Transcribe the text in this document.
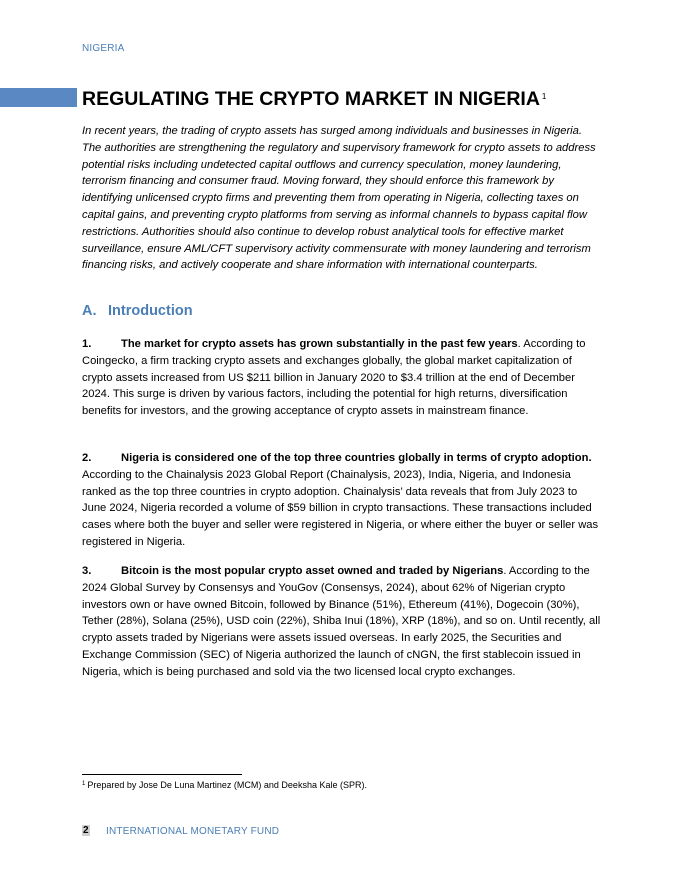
NIGERIA
REGULATING THE CRYPTO MARKET IN NIGERIA $^1$

In recent years, the trading of crypto assets has surged among individuals and businesses in Nigeria. The authorities are strengthening the regulatory and supervisory framework for crypto assets to address potential risks including undetected capital outflows and currency speculation, money laundering, terrorism financing and consumer fraud. Moving forward, they should enforce this framework by identifying unlicensed crypto firms and preventing them from operating in Nigeria, collecting taxes on capital gains, and preventing crypto platforms from serving as informal channels to bypass capital flow restrictions. Authorities should also continue to develop robust analytical tools for effective market surveillance, ensure AML/CFT supervisory activity commensurate with money laundering and terrorism financing risks, and actively cooperate and share information with international counterparts.

A. Introduction

1.	The market for crypto assets has grown substantially in the past few years. According to Coingecko, a firm tracking crypto assets and exchanges globally, the global market capitalization of crypto assets increased from US $211 billion in January 2020 to $3.4 trillion at the end of December 2024. This surge is driven by various factors, including the potential for high returns, diversification benefits for investors, and the growing acceptance of crypto assets in mainstream finance.

2.	Nigeria is considered one of the top three countries globally in terms of crypto adoption. According to the Chainalysis 2023 Global Report (Chainalysis, 2023), India, Nigeria, and Indonesia ranked as the top three countries in crypto adoption. Chainalysis’ data reveals that from July 2023 to June 2024, Nigeria recorded a volume of $59 billion in crypto transactions. These transactions included cases where both the buyer and seller were registered in Nigeria, or where either the buyer or seller was registered in Nigeria.

3.	Bitcoin is the most popular crypto asset owned and traded by Nigerians. According to the 2024 Global Survey by Consensys and YouGov (Consensys, 2024), about 62% of Nigerian crypto investors own or have owned Bitcoin, followed by Binance (51%), Ethereum (41%), Dogecoin (30%), Tether (28%), Solana (25%), USD coin (22%), Shiba Inui (18%), XRP (18%), and so on. Until recently, all crypto assets traded by Nigerians were assets issued overseas. In early 2025, the Securities and Exchange Commission (SEC) of Nigeria authorized the launch of cNGN, the first stablecoin issued in Nigeria, which is being purchased and sold via the two licensed local crypto exchanges.

$^1$ Prepared by Jose De Luna Martinez (MCM) and Deeksha Kale (SPR).

2 INTERNATIONAL MONETARY FUND
